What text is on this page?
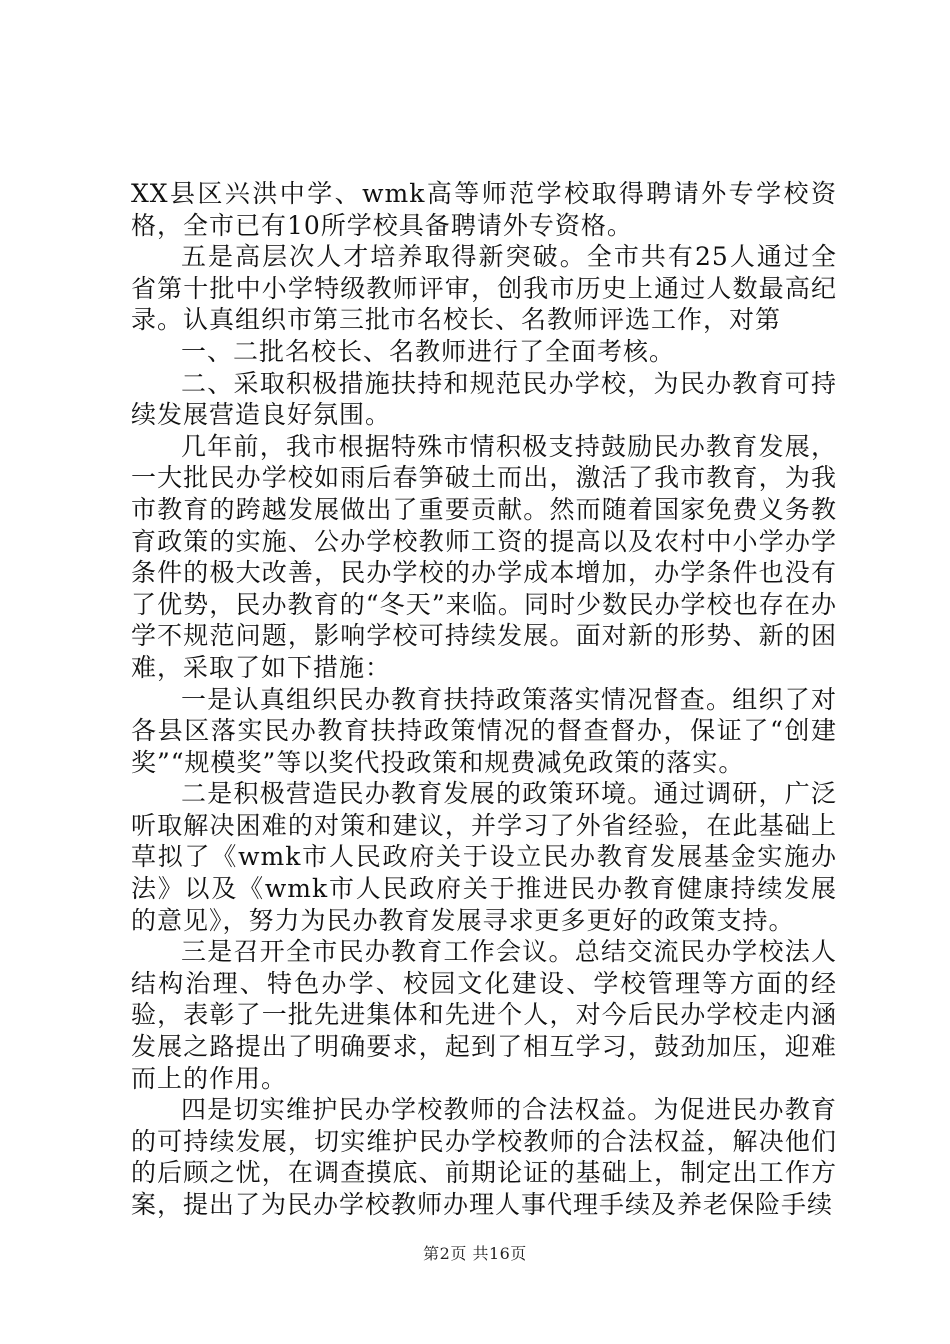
XX县区兴洪中学、wmk高等师范学校取得聘请外专学校资格，全市已有10所学校具备聘请外专资格。

五是高层次人才培养取得新突破。全市共有25人通过全省第十批中小学特级教师评审，创我市历史上通过人数最高纪录。认真组织市第三批市名校长、名教师评选工作，对第

一、二批名校长、名教师进行了全面考核。

二、采取积极措施扶持和规范民办学校，为民办教育可持续发展营造良好氛围。

几年前，我市根据特殊市情积极支持鼓励民办教育发展，一大批民办学校如雨后春笋破土而出，激活了我市教育，为我市教育的跨越发展做出了重要贡献。然而随着国家免费义务教育政策的实施、公办学校教师工资的提高以及农村中小学办学条件的极大改善，民办学校的办学成本增加，办学条件也没有了优势，民办教育的“冬天”来临。同时少数民办学校也存在办学不规范问题，影响学校可持续发展。面对新的形势、新的困难，采取了如下措施：

一是认真组织民办教育扶持政策落实情况督查。组织了对各县区落实民办教育扶持政策情况的督查督办，保证了“创建奖”“规模奖”等以奖代投政策和规费减免政策的落实。

二是积极营造民办教育发展的政策环境。通过调研，广泛听取解决困难的对策和建议，并学习了外省经验，在此基础上草拟了《wmk市人民政府关于设立民办教育发展基金实施办法》以及《wmk市人民政府关于推进民办教育健康持续发展的意见》，努力为民办教育发展寻求更多更好的政策支持。

三是召开全市民办教育工作会议。总结交流民办学校法人结构治理、特色办学、校园文化建设、学校管理等方面的经验，表彰了一批先进集体和先进个人，对今后民办学校走内涵发展之路提出了明确要求，起到了相互学习，鼓劲加压，迎难而上的作用。

四是切实维护民办学校教师的合法权益。为促进民办教育的可持续发展，切实维护民办学校教师的合法权益，解决他们的后顾之忧，在调查摸底、前期论证的基础上，制定出工作方案，提出了为民办学校教师办理人事代理手续及养老保险手续

第2页 共16页
